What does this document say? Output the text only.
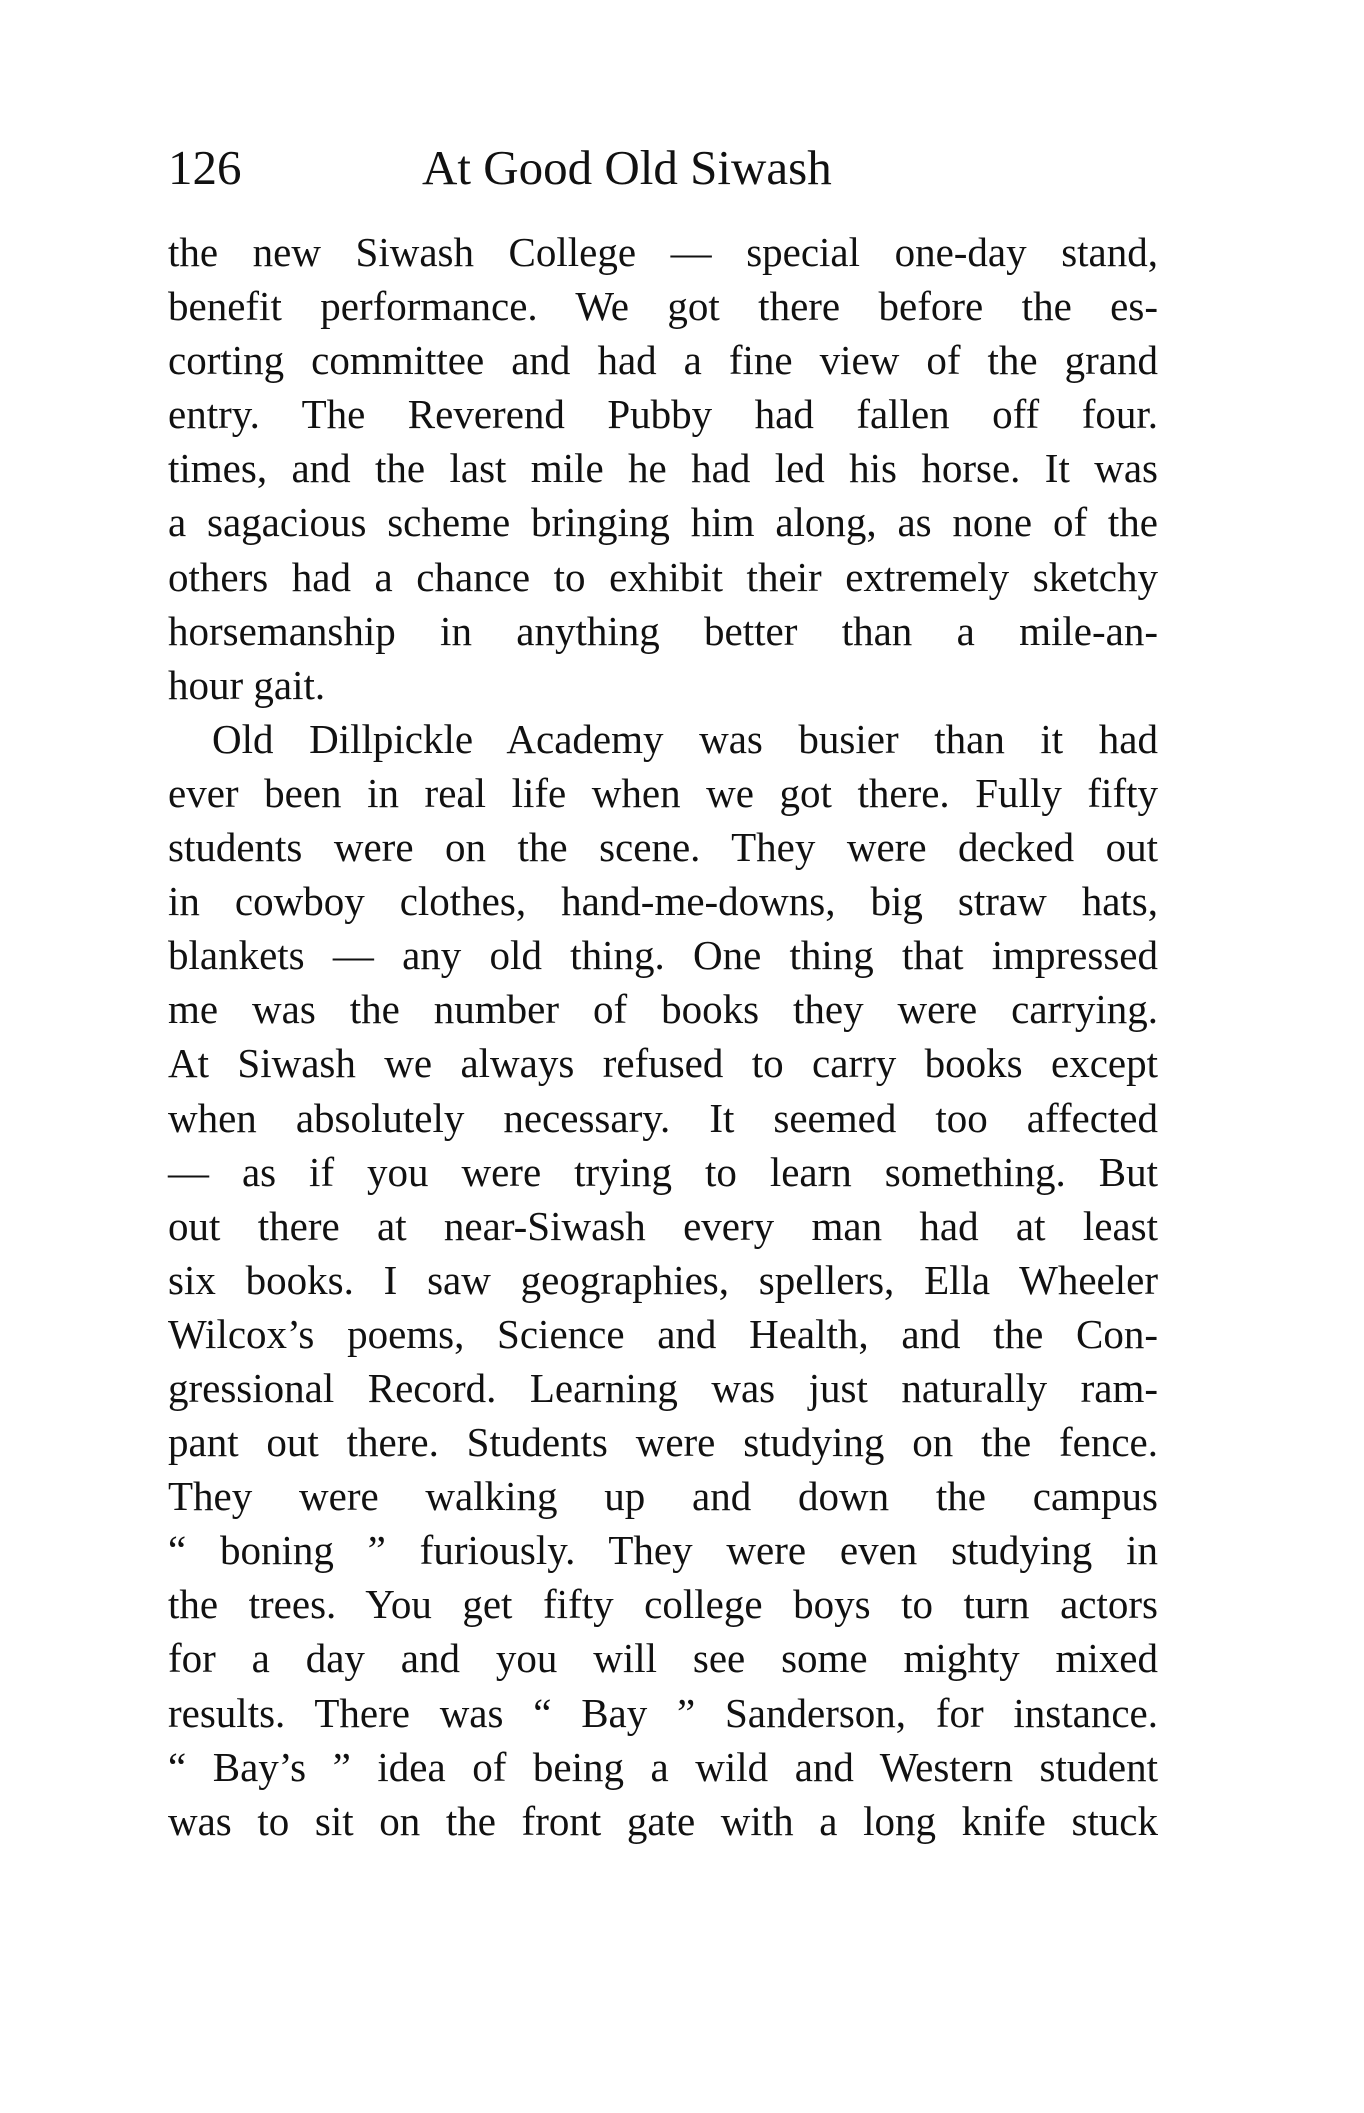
126	At Good Old Siwash
the new Siwash College — special one-day stand,
benefit performance. We got there before the es-
corting committee and had a fine view of the grand
entry. The Reverend Pubby had fallen off four.
times, and the last mile he had led his horse. It was
a sagacious scheme bringing him along, as none of the
others had a chance to exhibit their extremely sketchy
horsemanship in anything better than a mile-an-
hour gait.
Old Dillpickle Academy was busier than it had
ever been in real life when we got there. Fully fifty
students were on the scene. They were decked out
in cowboy clothes, hand-me-downs, big straw hats,
blankets — any old thing. One thing that impressed
me was the number of books they were carrying.
At Siwash we always refused to carry books except
when absolutely necessary. It seemed too affected
— as if you were trying to learn something. But
out there at near-Siwash every man had at least
six books. I saw geographies, spellers, Ella Wheeler
Wilcox’s poems, Science and Health, and the Con-
gressional Record. Learning was just naturally ram-
pant out there. Students were studying on the fence.
They were walking up and down the campus
“ boning ” furiously. They were even studying in
the trees. You get fifty college boys to turn actors
for a day and you will see some mighty mixed
results. There was “ Bay ” Sanderson, for instance.
“ Bay’s ” idea of being a wild and Western student
was to sit on the front gate with a long knife stuck
